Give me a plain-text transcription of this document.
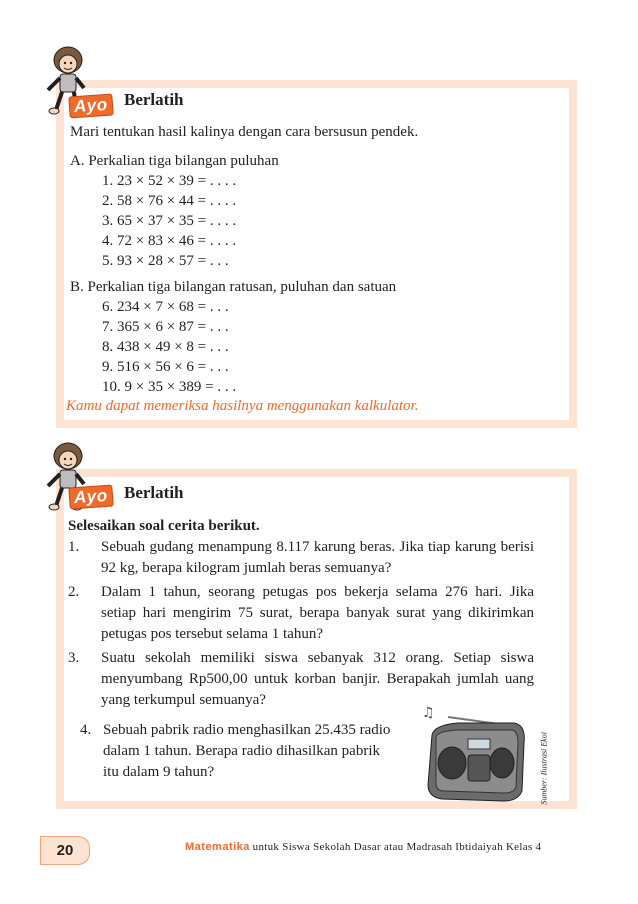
Ayo Berlatih
Mari tentukan hasil kalinya dengan cara bersusun pendek.
A. Perkalian tiga bilangan puluhan
1. 23 × 52 × 39 = . . . .
2. 58 × 76 × 44 = . . . .
3. 65 × 37 × 35 = . . . .
4. 72 × 83 × 46 = . . . .
5. 93 × 28 × 57 = . . .
B. Perkalian tiga bilangan ratusan, puluhan dan satuan
6. 234 × 7 × 68 = . . .
7. 365 × 6 × 87 = . . .
8. 438 × 49 × 8 = . . .
9. 516 × 56 × 6 = . . .
10. 9 × 35 × 389 = . . .
Kamu dapat memeriksa hasilnya menggunakan kalkulator.
Ayo Berlatih
Selesaikan soal cerita berikut.
1. Sebuah gudang menampung 8.117 karung beras. Jika tiap karung berisi 92 kg, berapa kilogram jumlah beras semuanya?
2. Dalam 1 tahun, seorang petugas pos bekerja selama 276 hari. Jika setiap hari mengirim 75 surat, berapa banyak surat yang dikirimkan petugas pos tersebut selama 1 tahun?
3. Suatu sekolah memiliki siswa sebanyak 312 orang. Setiap siswa menyumbang Rp500,00 untuk korban banjir. Berapakah jumlah uang yang terkumpul semuanya?
4. Sebuah pabrik radio menghasilkan 25.435 radio
dalam 1 tahun. Berapa radio dihasilkan pabrik
itu dalam 9 tahun?
♫
Sumber: Ilustrasi Ekoi
20	Matematika untuk Siswa Sekolah Dasar atau Madrasah Ibtidaiyah Kelas 4
